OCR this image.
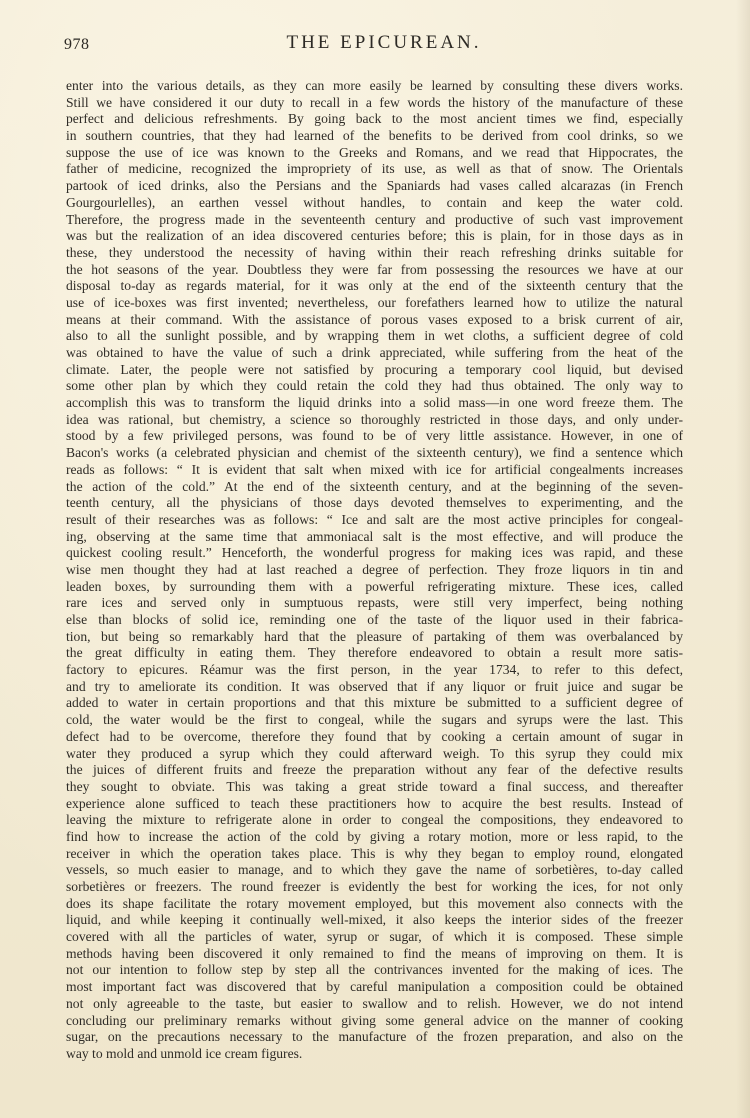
978	THE EPICUREAN.
enter into the various details, as they can more easily be learned by consulting these divers works.
Still we have considered it our duty to recall in a few words the history of the manufacture of these
perfect and delicious refreshments. By going back to the most ancient times we find, especially
in southern countries, that they had learned of the benefits to be derived from cool drinks, so we
suppose the use of ice was known to the Greeks and Romans, and we read that Hippocrates, the
father of medicine, recognized the impropriety of its use, as well as that of snow. The Orientals
partook of iced drinks, also the Persians and the Spaniards had vases called alcarazas (in French
Gourgourlelles), an earthen vessel without handles, to contain and keep the water cold.
Therefore, the progress made in the seventeenth century and productive of such vast improvement
was but the realization of an idea discovered centuries before; this is plain, for in those days as in
these, they understood the necessity of having within their reach refreshing drinks suitable for
the hot seasons of the year. Doubtless they were far from possessing the resources we have at our
disposal to-day as regards material, for it was only at the end of the sixteenth century that the
use of ice-boxes was first invented; nevertheless, our forefathers learned how to utilize the natural
means at their command. With the assistance of porous vases exposed to a brisk current of air,
also to all the sunlight possible, and by wrapping them in wet cloths, a sufficient degree of cold
was obtained to have the value of such a drink appreciated, while suffering from the heat of the
climate. Later, the people were not satisfied by procuring a temporary cool liquid, but devised
some other plan by which they could retain the cold they had thus obtained. The only way to
accomplish this was to transform the liquid drinks into a solid mass—in one word freeze them. The
idea was rational, but chemistry, a science so thoroughly restricted in those days, and only under-
stood by a few privileged persons, was found to be of very little assistance. However, in one of
Bacon's works (a celebrated physician and chemist of the sixteenth century), we find a sentence which
reads as follows: “ It is evident that salt when mixed with ice for artificial congealments increases
the action of the cold.” At the end of the sixteenth century, and at the beginning of the seven-
teenth century, all the physicians of those days devoted themselves to experimenting, and the
result of their researches was as follows: “ Ice and salt are the most active principles for congeal-
ing, observing at the same time that ammoniacal salt is the most effective, and will produce the
quickest cooling result.” Henceforth, the wonderful progress for making ices was rapid, and these
wise men thought they had at last reached a degree of perfection. They froze liquors in tin and
leaden boxes, by surrounding them with a powerful refrigerating mixture. These ices, called
rare ices and served only in sumptuous repasts, were still very imperfect, being nothing
else than blocks of solid ice, reminding one of the taste of the liquor used in their fabrica-
tion, but being so remarkably hard that the pleasure of partaking of them was overbalanced by
the great difficulty in eating them. They therefore endeavored to obtain a result more satis-
factory to epicures. Réamur was the first person, in the year 1734, to refer to this defect,
and try to ameliorate its condition. It was observed that if any liquor or fruit juice and sugar be
added to water in certain proportions and that this mixture be submitted to a sufficient degree of
cold, the water would be the first to congeal, while the sugars and syrups were the last. This
defect had to be overcome, therefore they found that by cooking a certain amount of sugar in
water they produced a syrup which they could afterward weigh. To this syrup they could mix
the juices of different fruits and freeze the preparation without any fear of the defective results
they sought to obviate. This was taking a great stride toward a final success, and thereafter
experience alone sufficed to teach these practitioners how to acquire the best results. Instead of
leaving the mixture to refrigerate alone in order to congeal the compositions, they endeavored to
find how to increase the action of the cold by giving a rotary motion, more or less rapid, to the
receiver in which the operation takes place. This is why they began to employ round, elongated
vessels, so much easier to manage, and to which they gave the name of sorbetières, to-day called
sorbetières or freezers. The round freezer is evidently the best for working the ices, for not only
does its shape facilitate the rotary movement employed, but this movement also connects with the
liquid, and while keeping it continually well-mixed, it also keeps the interior sides of the freezer
covered with all the particles of water, syrup or sugar, of which it is composed. These simple
methods having been discovered it only remained to find the means of improving on them. It is
not our intention to follow step by step all the contrivances invented for the making of ices. The
most important fact was discovered that by careful manipulation a composition could be obtained
not only agreeable to the taste, but easier to swallow and to relish. However, we do not intend
concluding our preliminary remarks without giving some general advice on the manner of cooking
sugar, on the precautions necessary to the manufacture of the frozen preparation, and also on the
way to mold and unmold ice cream figures.
